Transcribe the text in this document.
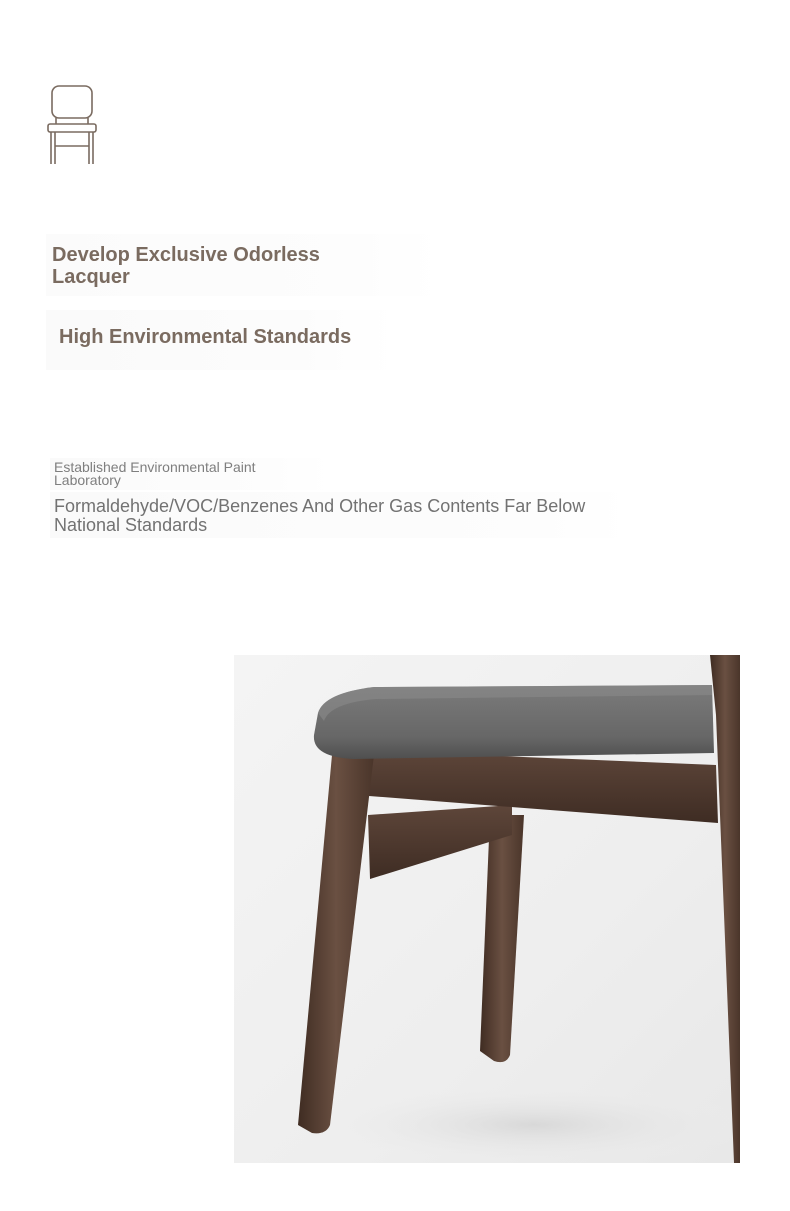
Develop Exclusive Odorless Lacquer
High Environmental Standards
Established Environmental Paint Laboratory
Formaldehyde/VOC/Benzenes And Other Gas Contents Far Below National Standards
